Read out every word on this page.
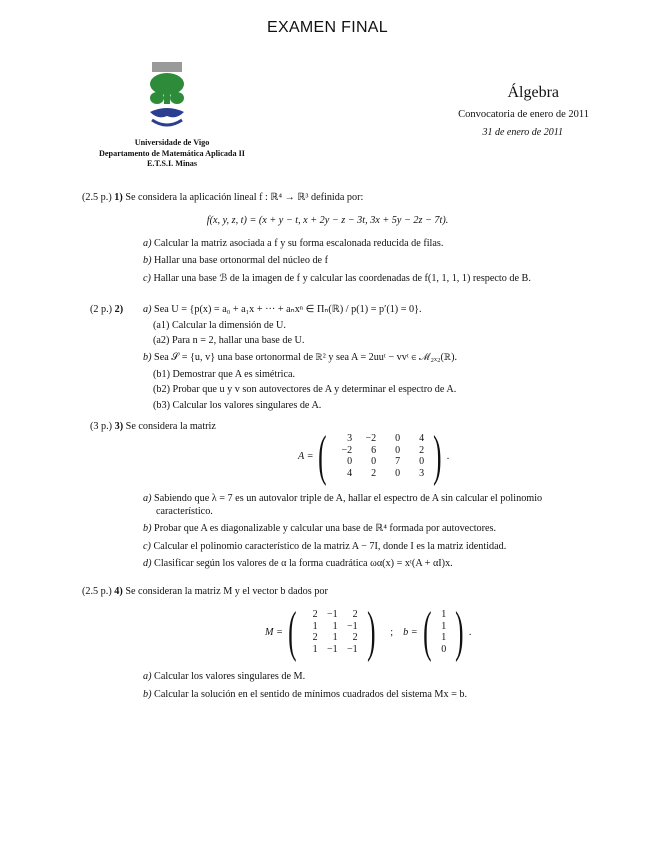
EXAMEN FINAL
Universidade de Vigo
Departamento de Matemática Aplicada II
E.T.S.I. Minas
Álgebra
Convocatoria de enero de 2011
31 de enero de 2011
(2.5 p.) 1) Se considera la aplicación lineal f : ℝ⁴ → ℝ³ definida por:
f(x, y, z, t) = (x + y − t, x + 2y − z − 3t, 3x + 5y − 2z − 7t).
a) Calcular la matriz asociada a f y su forma escalonada reducida de filas.
b) Hallar una base ortonormal del núcleo de f
c) Hallar una base ℬ de la imagen de f y calcular las coordenadas de f(1, 1, 1, 1) respecto de B.
(2 p.) 2) a) Sea U = {p(x) = a₀ + a₁x + ··· + aₙxⁿ ∈ Πₙ(ℝ) / p(1) = p′(1) = 0}.
(a1) Calcular la dimensión de U.
(a2) Para n = 2, hallar una base de U.
b) Sea 𝒮 = {u, v} una base ortonormal de ℝ² y sea A = 2uuᵗ − vvᵗ ∈ ℳ₂ₓ₂(ℝ).
(b1) Demostrar que A es simétrica.
(b2) Probar que u y v son autovectores de A y determinar el espectro de A.
(b3) Calcular los valores singulares de A.
(3 p.) 3) Se considera la matriz
A = (	3	−2	0	4
−2	6	0	2
0	0	7	0
4	2	0	3 ) .
a) Sabiendo que λ = 7 es un autovalor triple de A, hallar el espectro de A sin calcular el polinomio
característico.
b) Probar que A es diagonalizable y calcular una base de ℝ⁴ formada por autovectores.
c) Calcular el polinomio característico de la matriz A − 7I, donde I es la matriz identidad.
d) Clasificar según los valores de α la forma cuadrática ωα(x) = xᵗ(A + αI)x.
(2.5 p.) 4) Se consideran la matriz M y el vector b dados por
M = (	2 −1	2
1	1 −1
2	1	2
1 −1 −1 ) ; b = (	1
1
1
0 ) .
a) Calcular los valores singulares de M.
b) Calcular la solución en el sentido de mínimos cuadrados del sistema Mx = b.
